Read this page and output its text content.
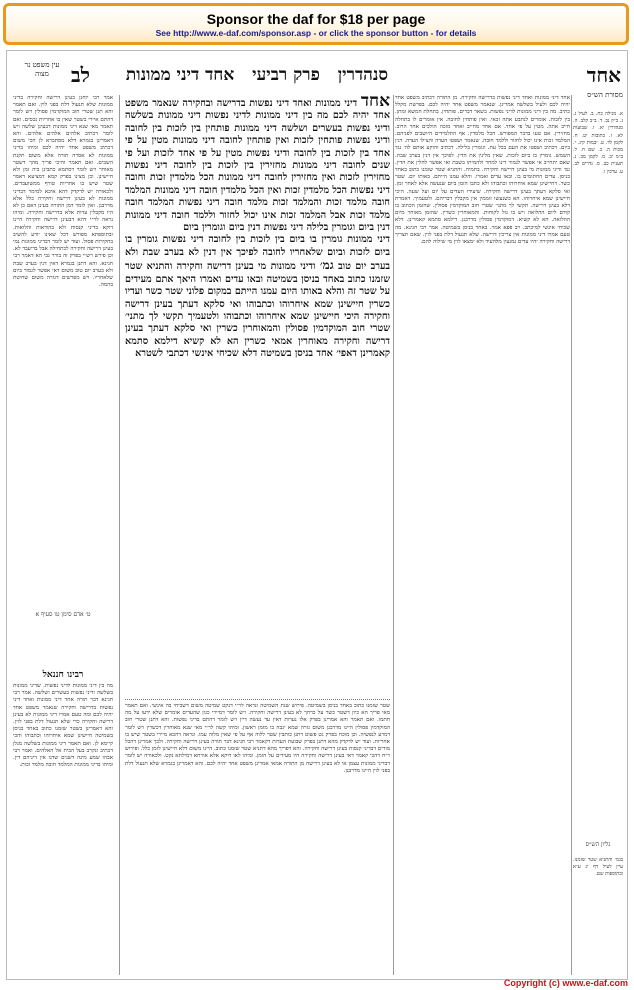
Sponsor the daf for $18 per page
See http://www.e-daf.com/sponsor.asp - or click the sponsor button - for details
עין משפט נר מצוה	לב	סנהדרין פרק רביעי אחד דיני ממונות	אחד
מסורת הש״ס
אמר רבי יוחנן בעינן דרישה וחקירה בדיני ממונות שלא תנעול דלת בפני לוין. ואם תאמר והא תנן שטרי חוב המוקדמין פסולין ויש לומר דהתם איירי בשטר שאין בו אחריות נכסים. ואם תאמר מאי שנא דיני ממונות דבעינן שלשה ויש לומר דכתיב אלהים אלהים אלהים. והא דאמרינן בגמרא דלא מסתברא לן הכי משום דכתיב משפט אחד יהיה לכם ומיהו בדיני ממונות לא אסרה תורה אלא משום תקנת השבים. ואם תאמר והיכי פריך מהך דשטר מאוחר ויש לומר דסתמא כתבינן ביה זמן ולא חיישינן. וכן מצינו בפרק קמא דמציעא דאמר שטר שיש בו אחריות טורף ממשועבדים. ולכאורה יש לדקדק דהא איכא למימר דבדיני ממונות לא בעינן דרישה וחקירה כלל אלא מדרבנן. ואין לומר דמן התורה בעינן דאם כן לא היו מקבלין עדות אלא בדרישה וחקירה. ומיהו נראה לר״י דהא דבעינן דרישה וחקירה היינו דוקא בדיני קנסות ולא בהודאות והלואות. ובתוספתא מפורש דכל שאינו יודע להשיב בחקירות פסול. ועוד יש לומר דבדיני ממונות נמי בעינן דרישה וחקירה לכתחילה אבל בדיעבד לא. וכן פירש רש״י בפרק זה בורר גבי הא דאמר רבי חנינא. והא דתנן בגמרא דאין דנין בערב שבת ולא בערב יום טוב משום דאי אפשר לגמור ביום שלאחריו. ויש מפרשים דגזרה משום שחיטת בהמה.
ט׳ אדם סימן טו סעיף א
רבינו חננאל
מה בין דיני ממונות לדיני נפשות. שדיני ממונות בשלשה ודיני נפשות בעשרים ושלשה. אמר רבי חנינא דבר תורה אחד דיני ממונות ואחד דיני נפשות בדרישה וחקירה שנאמר משפט אחד יהיה לכם ומה טעם אמרו דיני ממונות לא בעינן דרישה וחקירה כדי שלא תנעול דלת בפני לוין. והא דאמרינן בשטר שזמנו כתוב באחד בניסן בשמיטה חיישינן שמא איחרוהו וכתבוהו והכי קיימא לן. ואם תאמר דיני ממונות בשלשה מנלן דכתיב ונקרב בעל הבית אל האלהים. ואמר רבי אבהו שמע מינה דשנים שדנו אין דיניהם דין. ומיהו בדיני ממונות המלמד חובה מלמד זכות.
אחד דיני ממונות ואחד דיני נפשות בדרישה ובחקירה שנאמר משפט אחד יהיה לכם מה בין דיני ממונות לדיני נפשות דיני ממונות בשלשה ודיני נפשות בעשרים ושלשה דיני ממונות פותחין בין לזכות בין לחובה ודיני נפשות פותחין לזכות ואין פותחין לחובה דיני ממונות מטין על פי אחד בין לזכות בין לחובה ודיני נפשות מטין על פי אחד לזכות ועל פי שנים לחובה דיני ממונות מחזירין בין לזכות בין לחובה דיני נפשות מחזירין לזכות ואין מחזירין לחובה דיני ממונות הכל מלמדין זכות וחובה דיני נפשות הכל מלמדין זכות ואין הכל מלמדין חובה דיני ממונות המלמד חובה מלמד זכות והמלמד זכות מלמד חובה דיני נפשות המלמד חובה מלמד זכות אבל המלמד זכות אינו יכול לחזור וללמד חובה דיני ממונות דנין ביום וגומרין בלילה דיני נפשות דנין ביום וגומרין ביום
דיני ממונות גומרין בו ביום בין לזכות בין לחובה דיני נפשות גומרין בו ביום לזכות וביום שלאחריו לחובה לפיכך אין דנין לא בערב שבת ולא בערב יום טוב גמ׳ ודיני ממונות מי בעינן דרישה וחקירה והתניא שטר שזמנו כתוב באחד בניסן בשמיטה ובאו עדים ואמרו היאך אתם מעידים על שטר זה והלא באותו היום עמנו הייתם במקום פלוני שטר כשר ועדיו כשרין חיישינן שמא איחרוהו וכתבוהו ואי סלקא דעתך בעינן דרישה וחקירה היכי חיישינן שמא איחרוהו וכתבוהו ולטעמיך תקשי לך מתני׳ שטרי חוב המוקדמין פסולין והמאוחרין כשרין ואי סלקא דעתך בעינן דרישה וחקירה מאוחרין אמאי כשרין הא לא קשיא דילמא סתמא קאמרינן דאפי׳ אחד בניסן בשמיטה דלא שכיחי אינשי דכתבי לשטרא
אחד דיני ממונות ואחד דיני נפשות בדרישה וחקירה. מן התורה דכתיב משפט אחד יהיה לכם ולעיל בשלשה אמרינן. שנאמר משפט אחד יהיה לכם. בפרשת מקלל כתיב. מה בין דיני ממונות לדיני נפשות. בשאר דברים. פותחין. בתחלת המשא ומתן. בין לזכות. אומרים לנתבע אתה זכאי. ואין פותחין לחובה. אין אומרים לו בתחלה חייב אתה. מטין על פי אחד. אם אחד מחייב ואחד מזכה הולכים אחר הרוב. מחזירין. אם טעו בדבר המפורש. הכל מלמדין. אף התלמידים היושבים לפניהם. המלמד זכות אינו יכול לחזור וללמד חובה. שנאמר ושפטו העדה והצילו העדה. דנין ביום. דכתיב ושפטו את העם בכל עת. וגומרין בלילה. דכתיב והוקע אותם לה׳ נגד השמש. גומרין בו ביום לזכות. שאין מלינין את הדין. לפיכך אין דנין בערב שבת. שאם יתחייב אי אפשר לגמור דינו למחר ולהמיתו בשבת ואי אפשר להלין את הדין. גמ׳ ודיני ממונות מי בעינן דרישה וחקירה. בתמיה. והתניא שטר שזמנו כתוב באחד בניסן. עדים החתומים בו. ובאו עדים ואמרו. והלא עמנו הייתם. באותו יום. שטר כשר. דחיישינן שמא איחרוהו וכתבוהו ולא כתבו הזמן ביום שנעשה אלא לאחר זמן. ואי סלקא דעתך בעינן דרישה וחקירה. שיעידו העדים על יום ועל שעה. היכי חיישינן שמא איחרוהו. הא כשנעשו זוממין אין מקבלין דבריהם. ולטעמיך. דאמרת דלא בעינן דרישה. תקשי לך מתני׳ שטרי חוב המוקדמין פסולין. שהזמן הכתוב בו קודם ליום ההלואה ויש בו גזל לקוחות. והמאוחרין כשרין. שהזמן מאוחר מיום ההלואה. הא לא קשיא. דמוקדמין פסולין מדרבנן. דילמא סתמא קאמרינן. דלא שכיחי אינשי למיכתב. רב פפא אמר. באחד בניסן בשמיטה. אמר רבי חנינא. מה טעם אמרו דיני ממונות אין צריכין דרישה. שלא תנעול דלת בפני לוין. שאם תצריך דרישה וחקירה יהיו עדים נמנעין מלהעיד ולא ימצאו לוין מי שילוה להם.
א. מגילה כח. ב. לעיל ג. ג. ב״ק נב. ד. ב״ב קלב. ה. סנהדרין יא. ו. שבועות לא. ז. כתובות יט. ח. לקמן לד. ט. יבמות קיג. י. מכות ה. כ. שם ח. ל. ב״מ יב. מ. לקמן מב. נ. תענית כב. ס. נדרים לב. ע. ערכין ו.
גליון הש״ס
בגמ׳ והתניא שטר שזמנו. עיין לעיל דף יג ע״א ובתוספות שם.
שטר שזמנו כתוב באחד בניסן בשמיטה. פירוש שנת השמיטה ונראה לר״י דנקט שמיטה משום דשכיחי בה אינשי. ואם תאמר מאי פריך הא כיון דשטר כשר על כרחך לא בעינן דרישה וחקירה. ויש לומר דמיירי כגון שהעדים אומרים שלא ידעו על מה חתמו. ואם תאמר והא אמרינן בפרק אלו נערות דאין עד נעשה דיין ויש לומר דהתם בדיני נפשות. והא דתנן שטרי חוב המוקדמין פסולין היינו מדרבנן משום גזרה שמא יגבה בו מזמן ראשון. ומיהו קשה לר״י מאי שנא מאוחרין דכשרין ויש לומר דמרע לנפשיה. וכן מוכח בפרק גט פשוט דתנן כותבין שטר ללוה אף על פי שאין מלוה עמו. ונראה דהכא מיירי בשטר שיש בו אחריות. ועוד יש לדקדק מהא דתנן בפרק שבועת העדות דקאמר רבי חנינא דבר תורה בעינן דרישה וחקירה. ולכך אמרינן דהכל מודים דבדיני קנסות בעינן דרישה וחקירה. והא דפריך מהא דתניא שטר שזמנו כתוב. היינו משום דלא חיישינן לזמן כלל. ופירוש ר״ח דהכי קאמר דאי בעינן דרישה וחקירה היו מעידים על הזמן. ומיהו לאו דוקא אלא אורחא דמילתא נקט. ולכאורה יש לומר דבדיני ממונות עצמן אי לא בעינן דרישה מן התורה אמאי אמרינן משפט אחד יהיה לכם. והא דאמרינן בגמרא שלא תנעול דלת בפני לוין היינו מדרבנן.
Copyright (c) www.e-daf.com
